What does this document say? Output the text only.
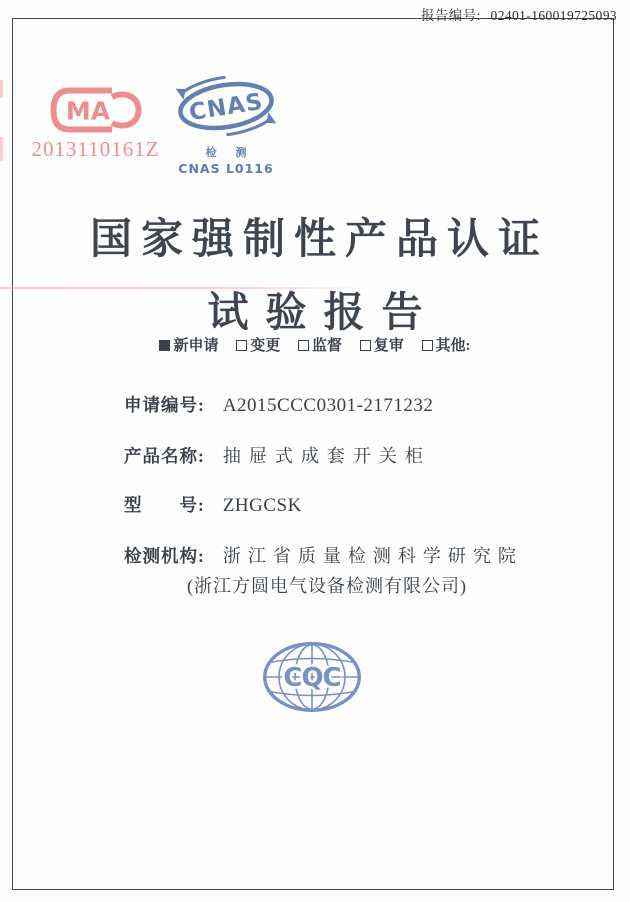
报告编号: 02401-160019725093
MA
2013110161Z
CNAS
检 测
CNAS L0116
国家强制性产品认证
试验报告
新申请 变更 监督 复审 其他:
申请编号: A2015CCC0301-2171232
产品名称: 抽屉式成套开关柜
型　　号: ZHGCSK
检测机构: 浙江省质量检测科学研究院
(浙江方圆电气设备检测有限公司)
CQC
